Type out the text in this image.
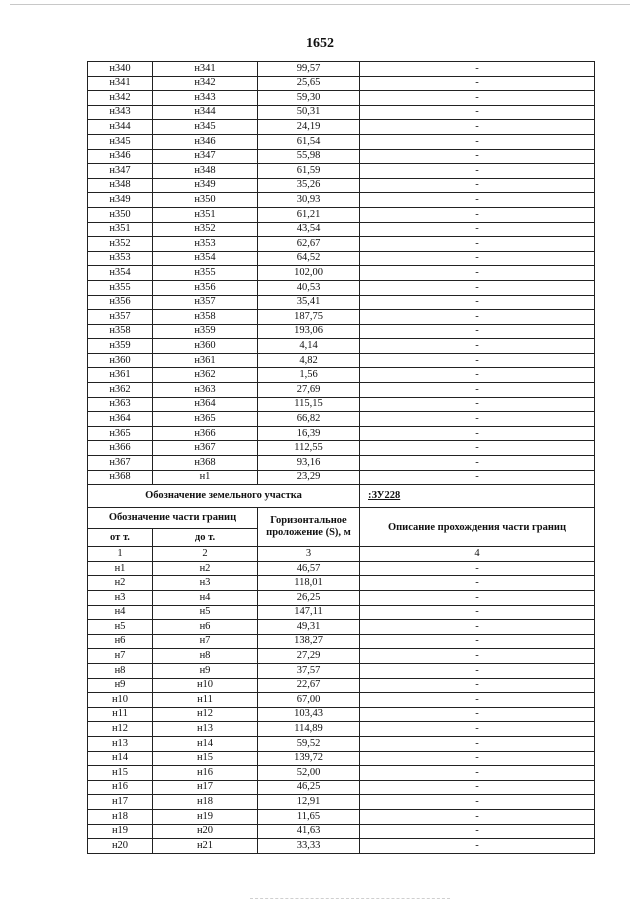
1652
н340	н341	99,57	-
н341	н342	25,65	-
н342	н343	59,30	-
н343	н344	50,31	-
н344	н345	24,19	-
н345	н346	61,54	-
н346	н347	55,98	-
н347	н348	61,59	-
н348	н349	35,26	-
н349	н350	30,93	-
н350	н351	61,21	-
н351	н352	43,54	-
н352	н353	62,67	-
н353	н354	64,52	-
н354	н355	102,00	-
н355	н356	40,53	-
н356	н357	35,41	-
н357	н358	187,75	-
н358	н359	193,06	-
н359	н360	4,14	-
н360	н361	4,82	-
н361	н362	1,56	-
н362	н363	27,69	-
н363	н364	115,15	-
н364	н365	66,82	-
н365	н366	16,39	-
н366	н367	112,55	-
н367	н368	93,16	-
н368	н1	23,29	-
Обозначение земельного участка			:ЗУ228
Обозначение части границ		Горизонтальное проложение (S), м	Описание прохождения части границ
от т.	до т.		
1	2	3	4
н1	н2	46,57	-
н2	н3	118,01	-
н3	н4	26,25	-
н4	н5	147,11	-
н5	н6	49,31	-
н6	н7	138,27	-
н7	н8	27,29	-
н8	н9	37,57	-
н9	н10	22,67	-
н10	н11	67,00	-
н11	н12	103,43	-
н12	н13	114,89	-
н13	н14	59,52	-
н14	н15	139,72	-
н15	н16	52,00	-
н16	н17	46,25	-
н17	н18	12,91	-
н18	н19	11,65	-
н19	н20	41,63	-
н20	н21	33,33	-
